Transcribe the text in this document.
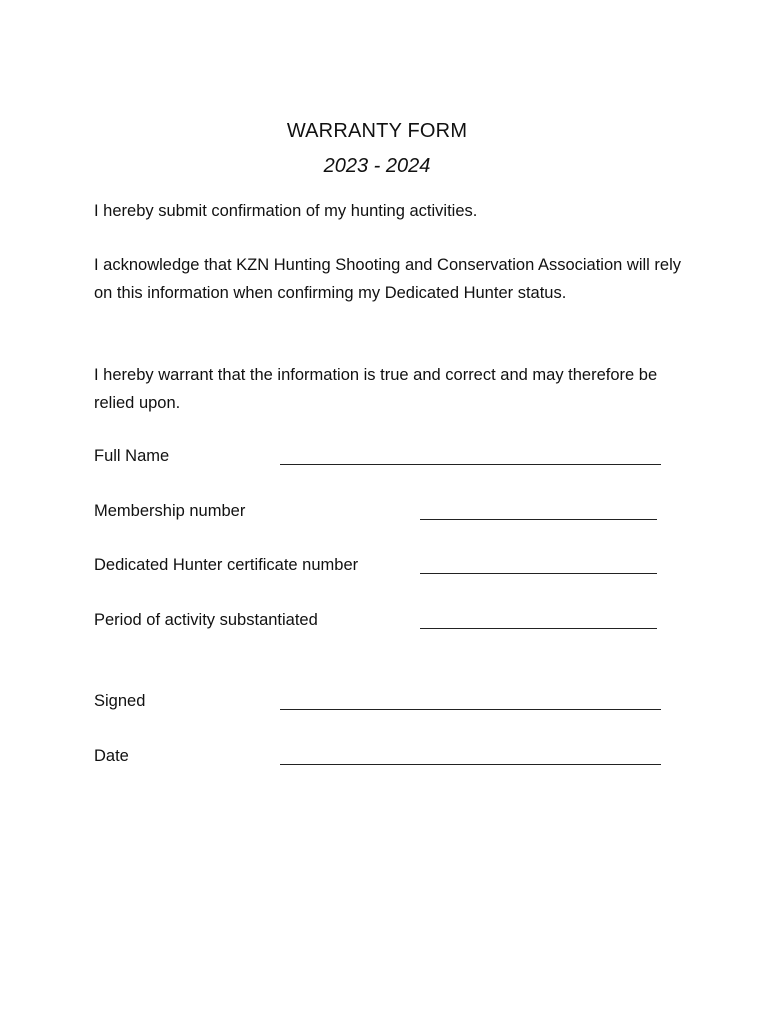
WARRANTY FORM
2023 - 2024

I hereby submit confirmation of my hunting activities.

I acknowledge that KZN Hunting Shooting and Conservation Association will rely on this information when confirming my Dedicated Hunter status.

I hereby warrant that the information is true and correct and may therefore be relied upon.

Full Name
Membership number
Dedicated Hunter certificate number
Period of activity substantiated
Signed
Date
